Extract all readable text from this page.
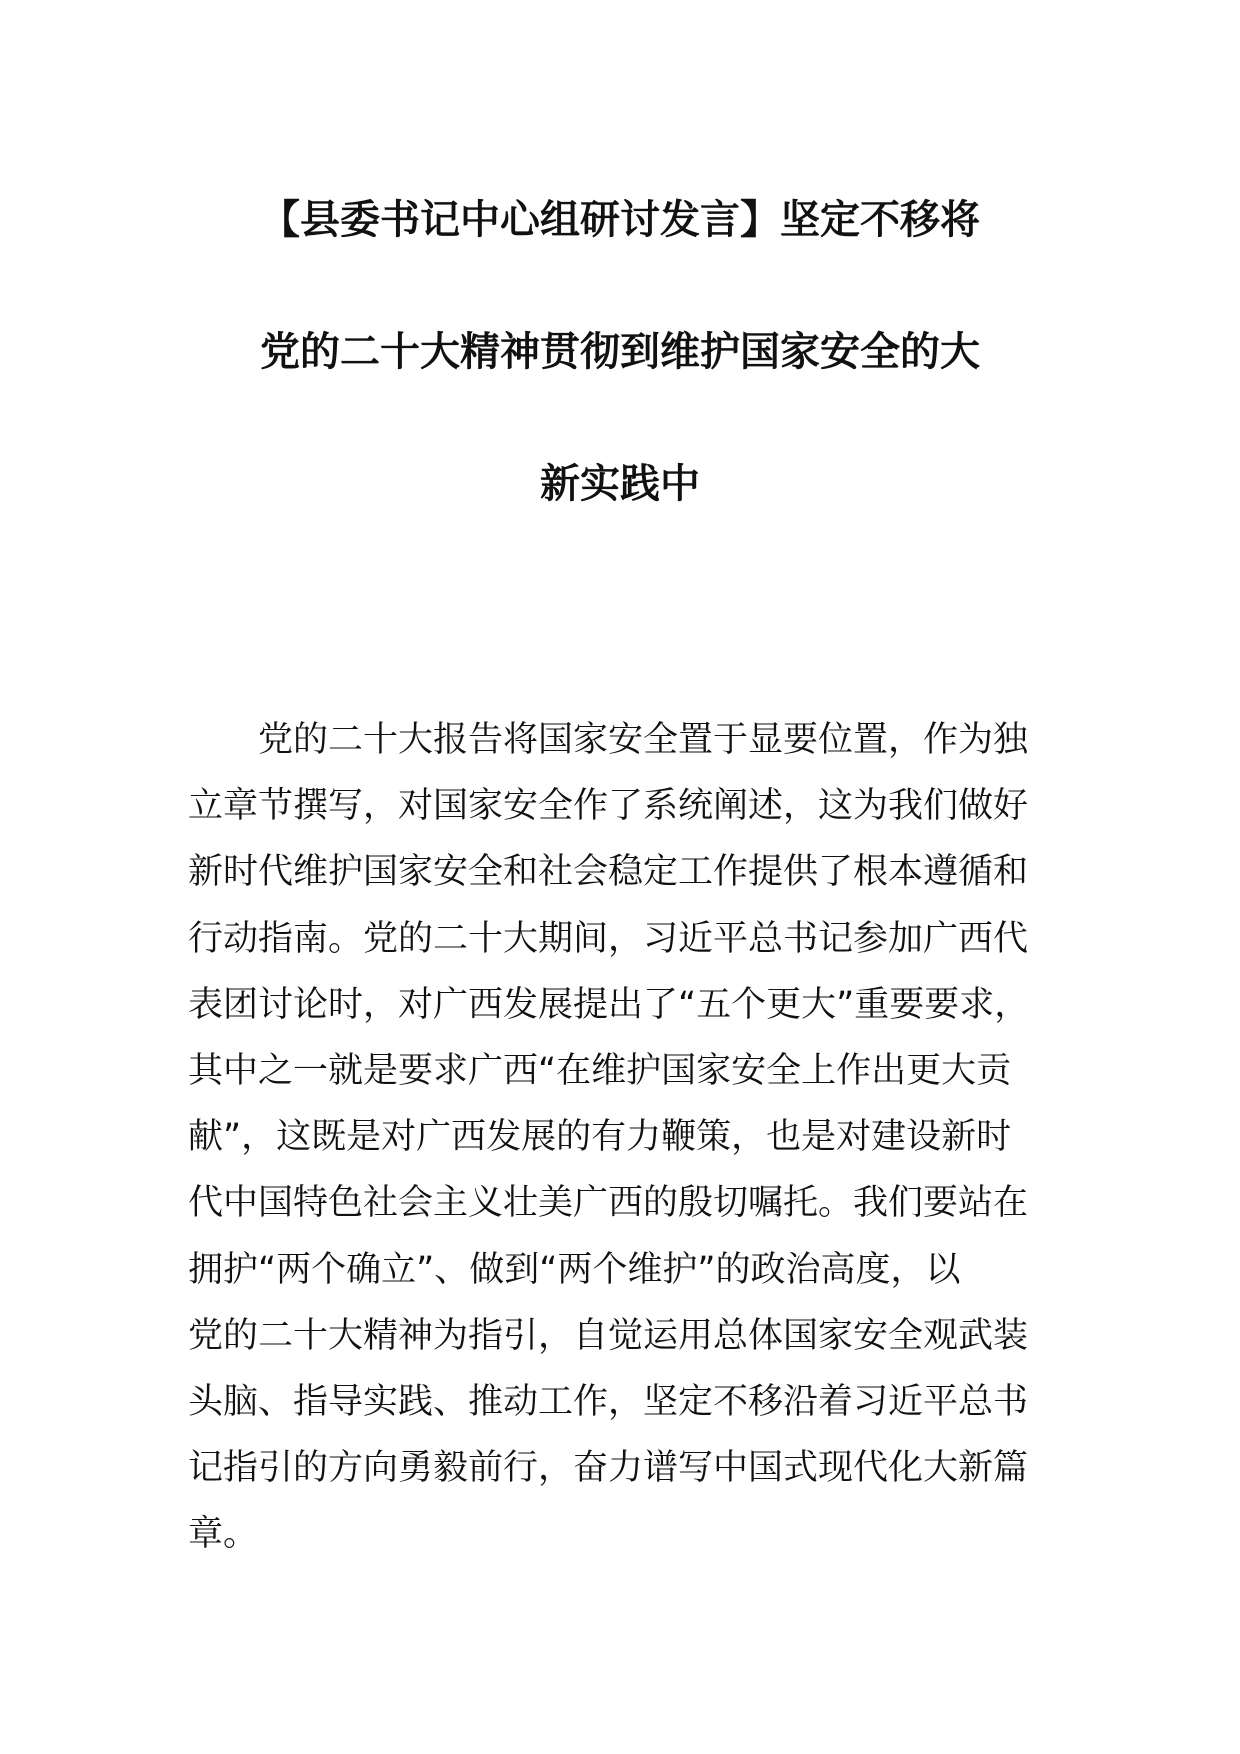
【县委书记中心组研讨发言】坚定不移将
党的二十大精神贯彻到维护国家安全的大
新实践中
党的二十大报告将国家安全置于显要位置，作为独
立章节撰写，对国家安全作了系统阐述，这为我们做好
新时代维护国家安全和社会稳定工作提供了根本遵循和
行动指南。党的二十大期间，习近平总书记参加广西代
表团讨论时，对广西发展提出了“五个更大”重要要求，
其中之一就是要求广西“在维护国家安全上作出更大贡
献”，这既是对广西发展的有力鞭策，也是对建设新时
代中国特色社会主义壮美广西的殷切嘱托。我们要站在
拥护“两个确立”、做到“两个维护”的政治高度，以
党的二十大精神为指引，自觉运用总体国家安全观武装
头脑、指导实践、推动工作，坚定不移沿着习近平总书
记指引的方向勇毅前行，奋力谱写中国式现代化大新篇
章。
